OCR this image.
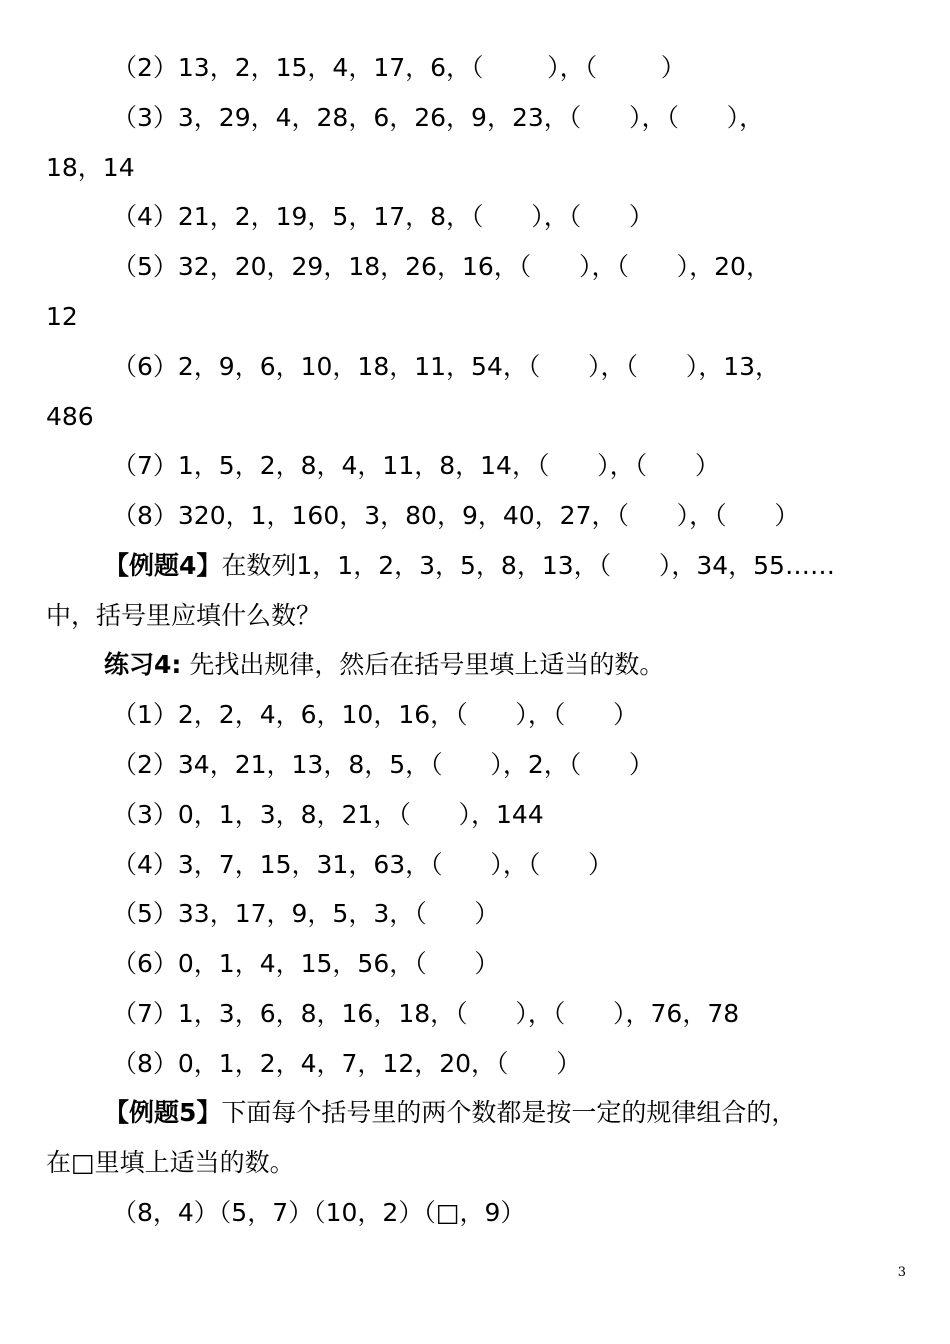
（2）13，2，15，4，17，6，（        ），（        ）
（3）3，29，4，28，6，26，9，23，（      ），（      ），
18，14
（4）21，2，19，5，17，8，（      ），（      ）
（5）32，20，29，18，26，16，（      ），（      ），20，
12
（6）2，9，6，10，18，11，54，（      ），（      ），13，
486
（7）1，5，2，8，4，11，8，14，（      ），（      ）
（8）320，1，160，3，80，9，40，27，（      ），（      ）
【例题4】在数列1，1，2，3，5，8，13，（      ），34，55……
中，括号里应填什么数？
练习4: 先找出规律，然后在括号里填上适当的数。
（1）2，2，4，6，10，16，（      ），（      ）
（2）34，21，13，8，5，（      ），2，（      ）
（3）0，1，3，8，21，（      ），144
（4）3，7，15，31，63，（      ），（      ）
（5）33，17，9，5，3，（      ）
（6）0，1，4，15，56，（      ）
（7）1，3，6，8，16，18，（      ），（      ），76，78
（8）0，1，2，4，7，12，20，（      ）
【例题5】下面每个括号里的两个数都是按一定的规律组合的，
在□里填上适当的数。
（8，4）（5，7）（10，2）（□，9）
3
